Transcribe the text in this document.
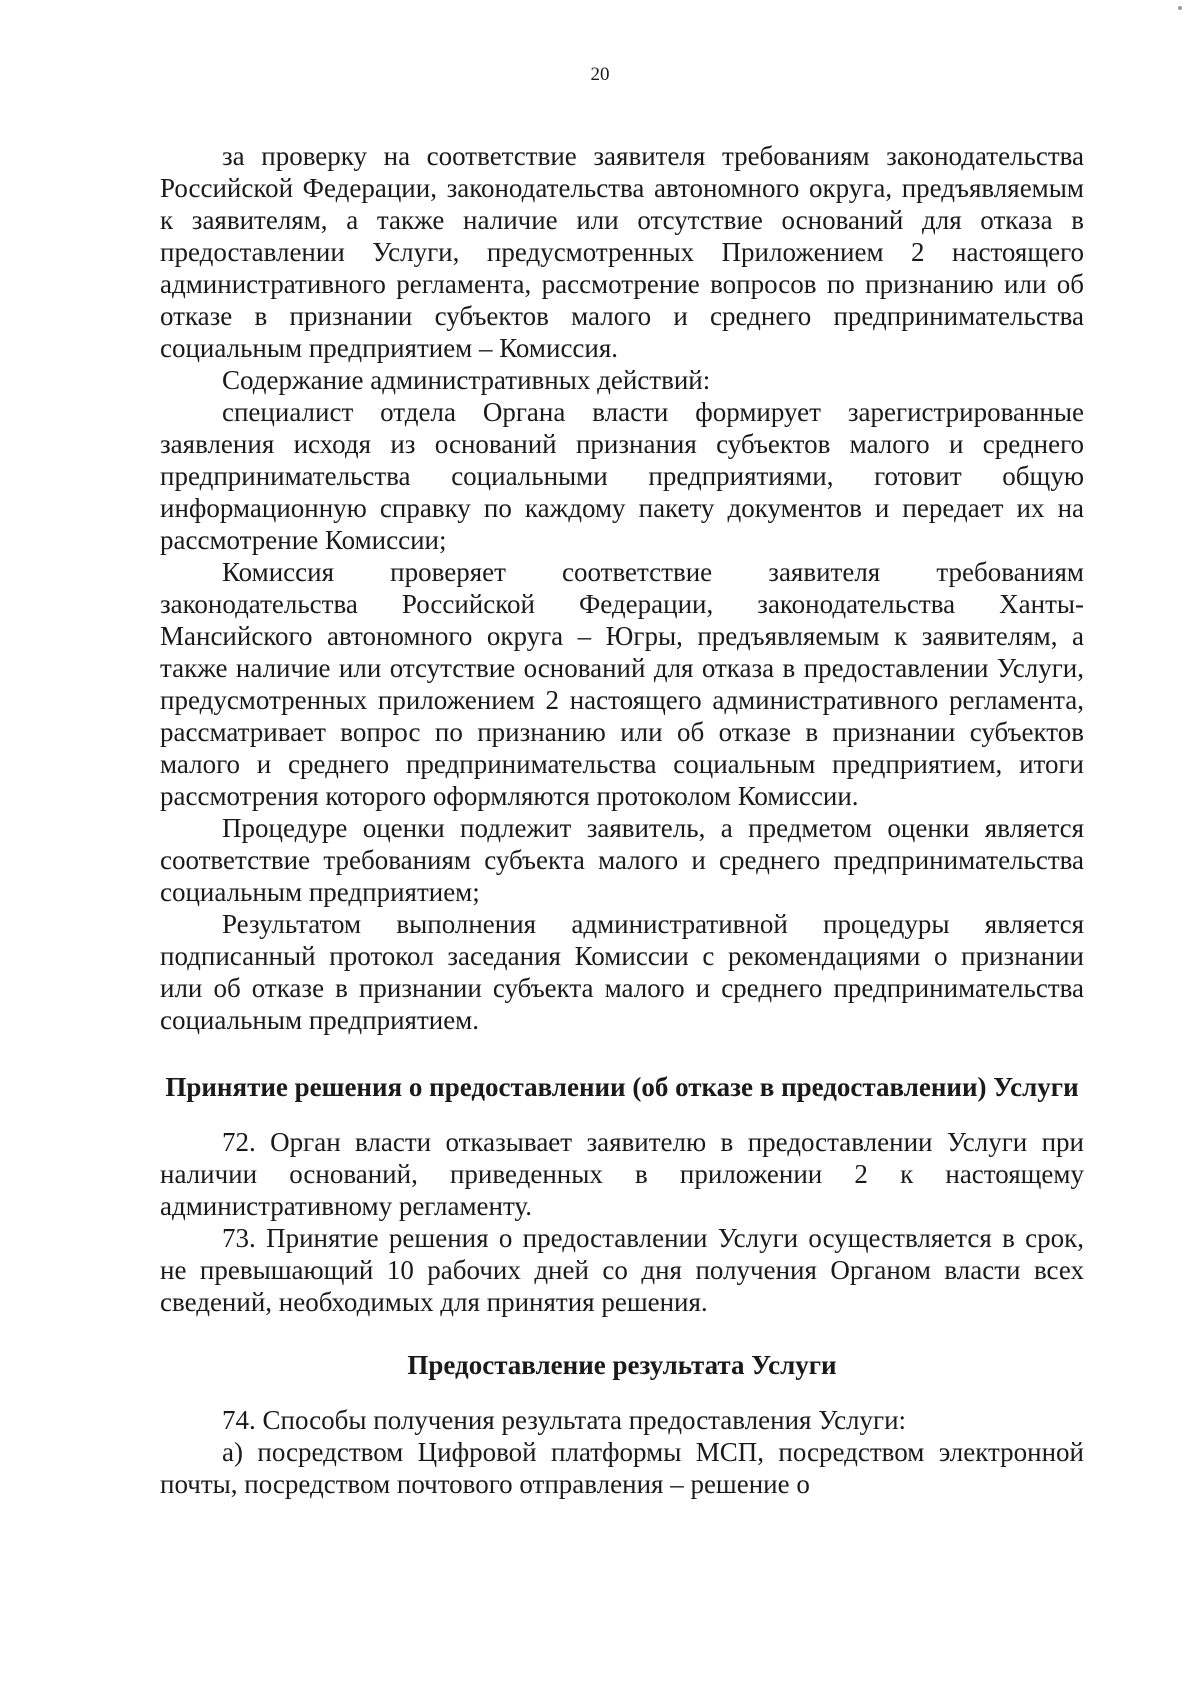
20

за проверку на соответствие заявителя требованиям законодательства Российской Федерации, законодательства автономного округа, предъявляемым к заявителям, а также наличие или отсутствие оснований для отказа в предоставлении Услуги, предусмотренных Приложением 2 настоящего административного регламента, рассмотрение вопросов по признанию или об отказе в признании субъектов малого и среднего предпринимательства социальным предприятием – Комиссия.

Содержание административных действий:

специалист отдела Органа власти формирует зарегистрированные заявления исходя из оснований признания субъектов малого и среднего предпринимательства социальными предприятиями, готовит общую информационную справку по каждому пакету документов и передает их на рассмотрение Комиссии;

Комиссия проверяет соответствие заявителя требованиям законодательства Российской Федерации, законодательства Ханты-Мансийского автономного округа – Югры, предъявляемым к заявителям, а также наличие или отсутствие оснований для отказа в предоставлении Услуги, предусмотренных приложением 2 настоящего административного регламента, рассматривает вопрос по признанию или об отказе в признании субъектов малого и среднего предпринимательства социальным предприятием, итоги рассмотрения которого оформляются протоколом Комиссии.

Процедуре оценки подлежит заявитель, а предметом оценки является соответствие требованиям субъекта малого и среднего предпринимательства социальным предприятием;

Результатом выполнения административной процедуры является подписанный протокол заседания Комиссии с рекомендациями о признании или об отказе в признании субъекта малого и среднего предпринимательства социальным предприятием.

Принятие решения о предоставлении (об отказе в предоставлении) Услуги

72. Орган власти отказывает заявителю в предоставлении Услуги при наличии оснований, приведенных в приложении 2 к настоящему административному регламенту.

73. Принятие решения о предоставлении Услуги осуществляется в срок, не превышающий 10 рабочих дней со дня получения Органом власти всех сведений, необходимых для принятия решения.

Предоставление результата Услуги

74. Способы получения результата предоставления Услуги:

а) посредством Цифровой платформы МСП, посредством электронной почты, посредством почтового отправления – решение о
